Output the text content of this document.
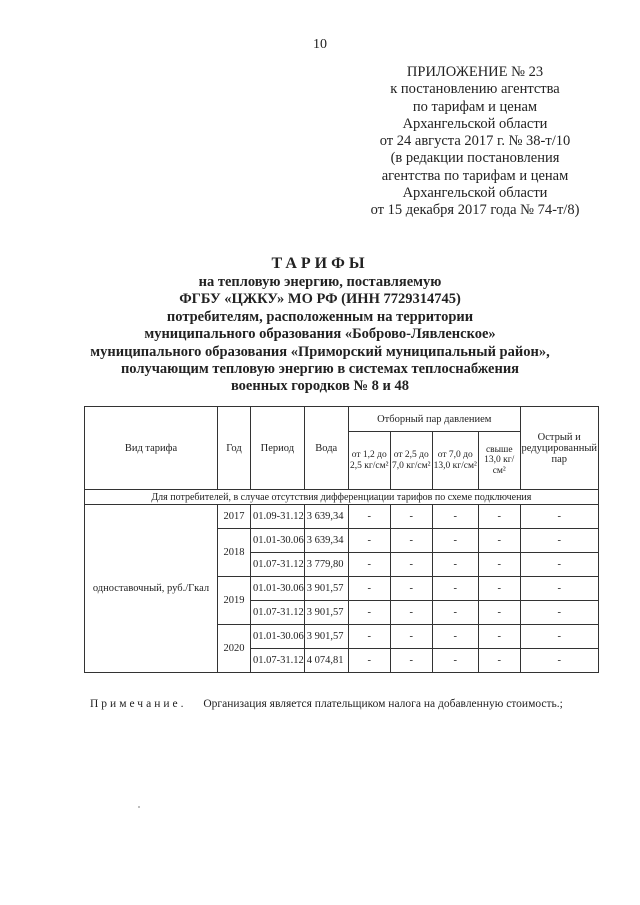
10
ПРИЛОЖЕНИЕ № 23
к постановлению агентства
по тарифам и ценам
Архангельской области
от 24 августа 2017 г. № 38-т/10
(в редакции постановления
агентства по тарифам и ценам
Архангельской области
от 15 декабря 2017 года № 74-т/8)
ТАРИФЫ
на тепловую энергию, поставляемую
ФГБУ «ЦЖКУ» МО РФ (ИНН 7729314745)
потребителям, расположенным на территории
муниципального образования «Боброво-Лявленское»
муниципального образования «Приморский муниципальный район»,
получающим тепловую энергию в системах теплоснабжения
военных городков № 8 и 48
Вид тарифа	Год	Период	Вода	Отборный пар давлением				Острый и редуцированный пар
				от 1,2 до 2,5 кг/см²	от 2,5 до 7,0 кг/см²	от 7,0 до 13,0 кг/см²	свыше 13,0 кг/см²	
Для потребителей, в случае отсутствия дифференциации тарифов по схеме подключения								
одноставочный, руб./Гкал	2017	01.09-31.12	3 639,34	-	-	-	-	-
	2018	01.01-30.06	3 639,34	-	-	-	-	-
		01.07-31.12	3 779,80	-	-	-	-	-
	2019	01.01-30.06	3 901,57	-	-	-	-	-
		01.07-31.12	3 901,57	-	-	-	-	-
	2020	01.01-30.06	3 901,57	-	-	-	-	-
		01.07-31.12	4 074,81	-	-	-	-	-
Примечание. Организация является плательщиком налога на добавленную стоимость.;
